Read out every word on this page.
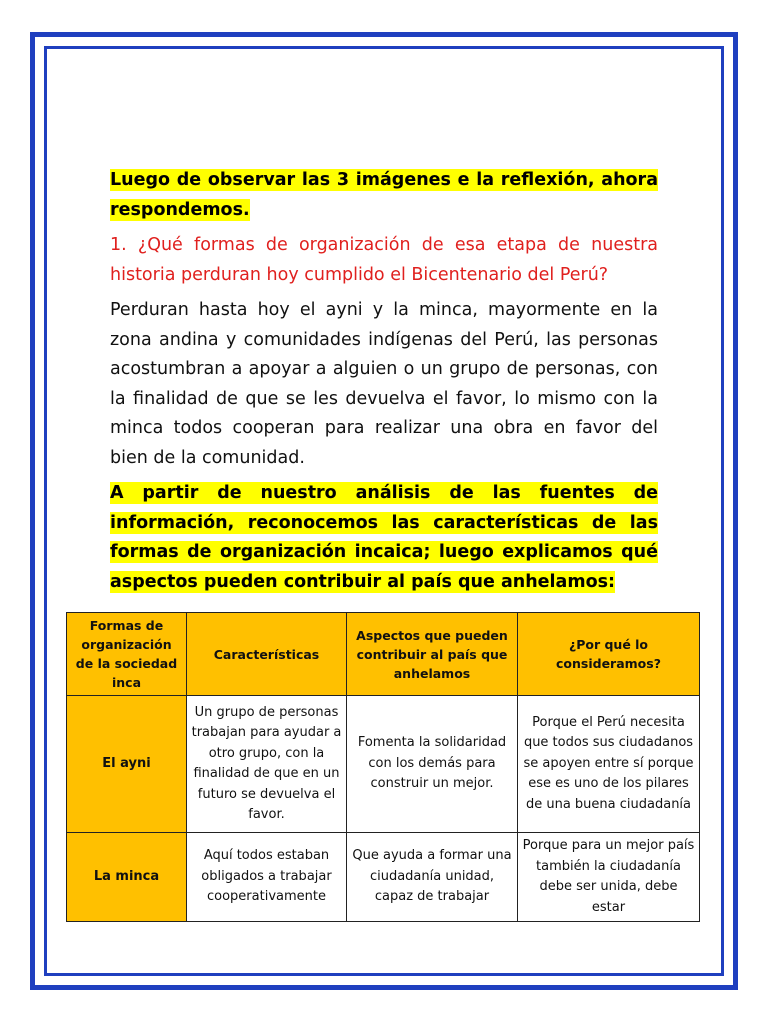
Luego de observar las 3 imágenes e la reflexión, ahora respondemos.

1. ¿Qué formas de organización de esa etapa de nuestra historia perduran hoy cumplido el Bicentenario del Perú?

Perduran hasta hoy el ayni y la minca, mayormente en la zona andina y comunidades indígenas del Perú, las personas acostumbran a apoyar a alguien o un grupo de personas, con la finalidad de que se les devuelva el favor, lo mismo con la minca todos cooperan para realizar una obra en favor del bien de la comunidad.

A partir de nuestro análisis de las fuentes de información, reconocemos las características de las formas de organización incaica; luego explicamos qué aspectos pueden contribuir al país que anhelamos:

Formas de organización de la sociedad inca	Características	Aspectos que pueden contribuir al país que anhelamos	¿Por qué lo consideramos?
El ayni	Un grupo de personas trabajan para ayudar a otro grupo, con la finalidad de que en un futuro se devuelva el favor.	Fomenta la solidaridad con los demás para construir un mejor.	Porque el Perú necesita que todos sus ciudadanos se apoyen entre sí porque ese es uno de los pilares de una buena ciudadanía
La minca	Aquí todos estaban obligados a trabajar cooperativamente	Que ayuda a formar una ciudadanía unidad, capaz de trabajar	Porque para un mejor país también la ciudadanía debe ser unida, debe estar
